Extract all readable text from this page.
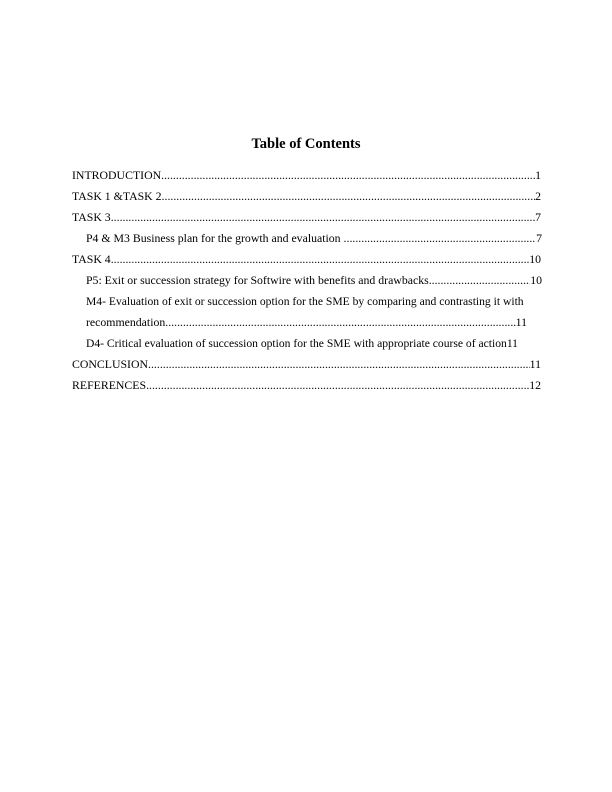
Table of Contents
INTRODUCTION .....	1
TASK 1 &TASK 2 .....	2
TASK 3 .....	7
P4 & M3 Business plan for the growth and evaluation .....	7
TASK 4 .....	10
P5: Exit or succession strategy for Softwire with benefits and drawbacks .....	10
M4- Evaluation of exit or succession option for the SME by comparing and contrasting it with
recommendation .....	11
D4- Critical evaluation of succession option for the SME with appropriate course of action 11
CONCLUSION .....	11
REFERENCES .....	12
